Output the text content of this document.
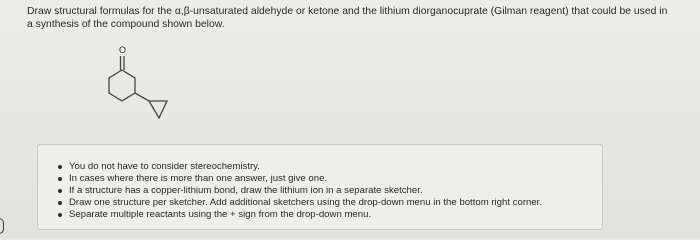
Draw structural formulas for the α,β-unsaturated aldehyde or ketone and the lithium diorganocuprate (Gilman reagent) that could be used in
a synthesis of the compound shown below.
O
You do not have to consider stereochemistry.
In cases where there is more than one answer, just give one.
If a structure has a copper-lithium bond, draw the lithium ion in a separate sketcher.
Draw one structure per sketcher. Add additional sketchers using the drop-down menu in the bottom right corner.
Separate multiple reactants using the + sign from the drop-down menu.
